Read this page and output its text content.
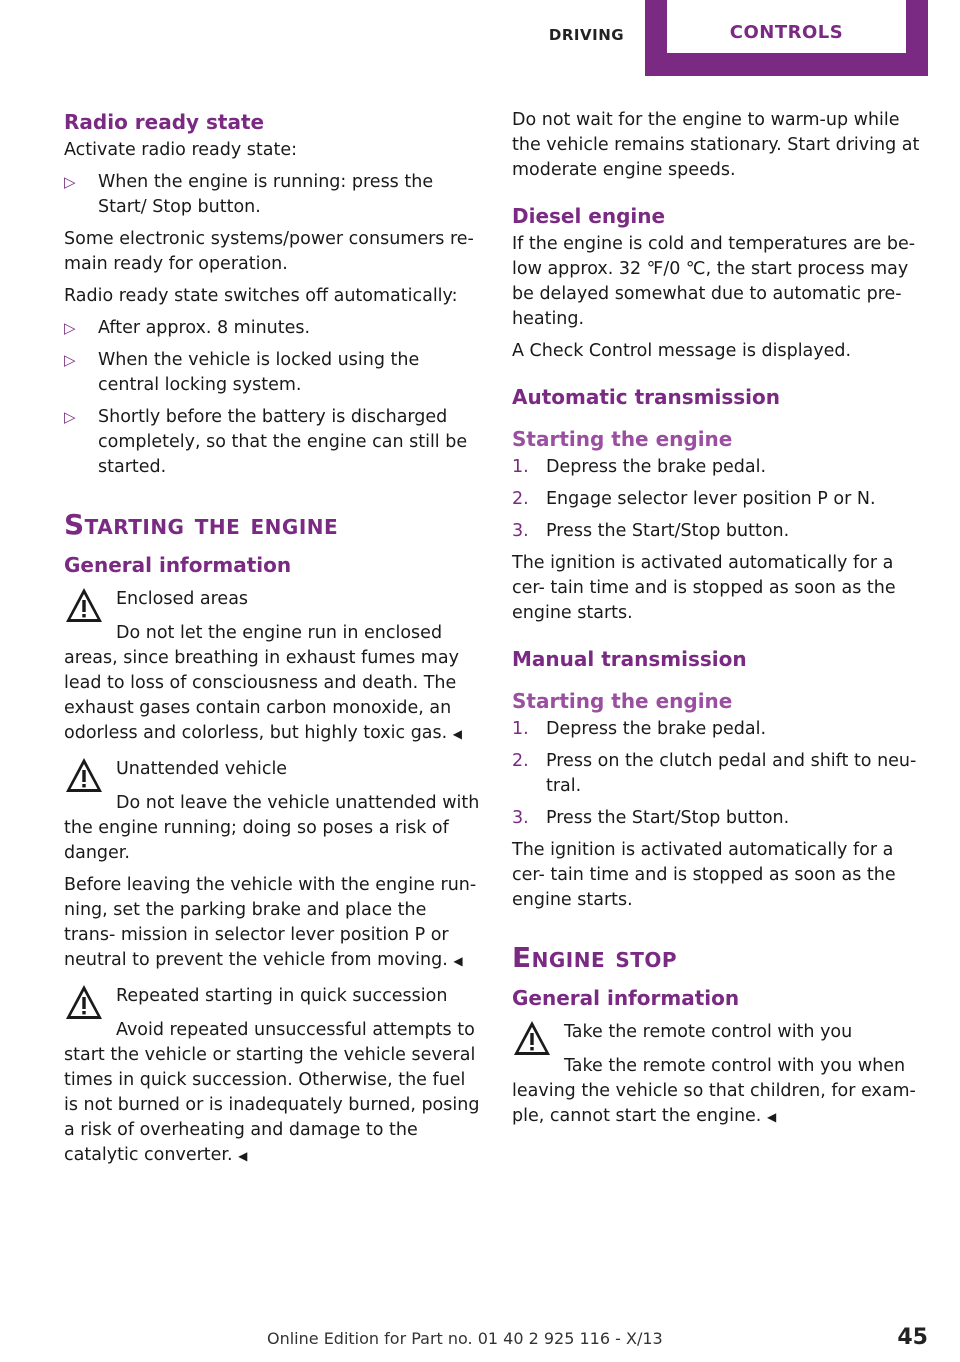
DRIVING	CONTROLS
Radio ready state

Activate radio ready state:

▷ When the engine is running: press the Start/ Stop button.

Some electronic systems/power consumers re- main ready for operation.

Radio ready state switches off automatically:

▷ After approx. 8 minutes.
▷ When the vehicle is locked using the central locking system.
▷ Shortly before the battery is discharged completely, so that the engine can still be started.
Starting the engine
General information
Enclosed areas

Do not let the engine run in enclosed areas, since breathing in exhaust fumes may lead to loss of consciousness and death. The exhaust gases contain carbon monoxide, an odorless and colorless, but highly toxic gas. ◀

Unattended vehicle

Do not leave the vehicle unattended with the engine running; doing so poses a risk of danger.

Before leaving the vehicle with the engine run- ning, set the parking brake and place the trans- mission in selector lever position P or neutral to prevent the vehicle from moving. ◀

Repeated starting in quick succession

Avoid repeated unsuccessful attempts to start the vehicle or starting the vehicle several times in quick succession. Otherwise, the fuel is not burned or is inadequately burned, posing a risk of overheating and damage to the catalytic converter. ◀

Do not wait for the engine to warm-up while the vehicle remains stationary. Start driving at moderate engine speeds.

Diesel engine

If the engine is cold and temperatures are be- low approx. 32 ℉/0 ℃, the start process may be delayed somewhat due to automatic pre- heating.

A Check Control message is displayed.

Automatic transmission
Starting the engine
1. Depress the brake pedal.
2. Engage selector lever position P or N.
3. Press the Start/Stop button.

The ignition is activated automatically for a cer- tain time and is stopped as soon as the engine starts.

Manual transmission
Starting the engine
1. Depress the brake pedal.
2. Press on the clutch pedal and shift to neu- tral.
3. Press the Start/Stop button.

The ignition is activated automatically for a cer- tain time and is stopped as soon as the engine starts.

Engine stop
General information
Take the remote control with you

Take the remote control with you when leaving the vehicle so that children, for exam- ple, cannot start the engine. ◀

Online Edition for Part no. 01 40 2 925 116 - X/13	45
